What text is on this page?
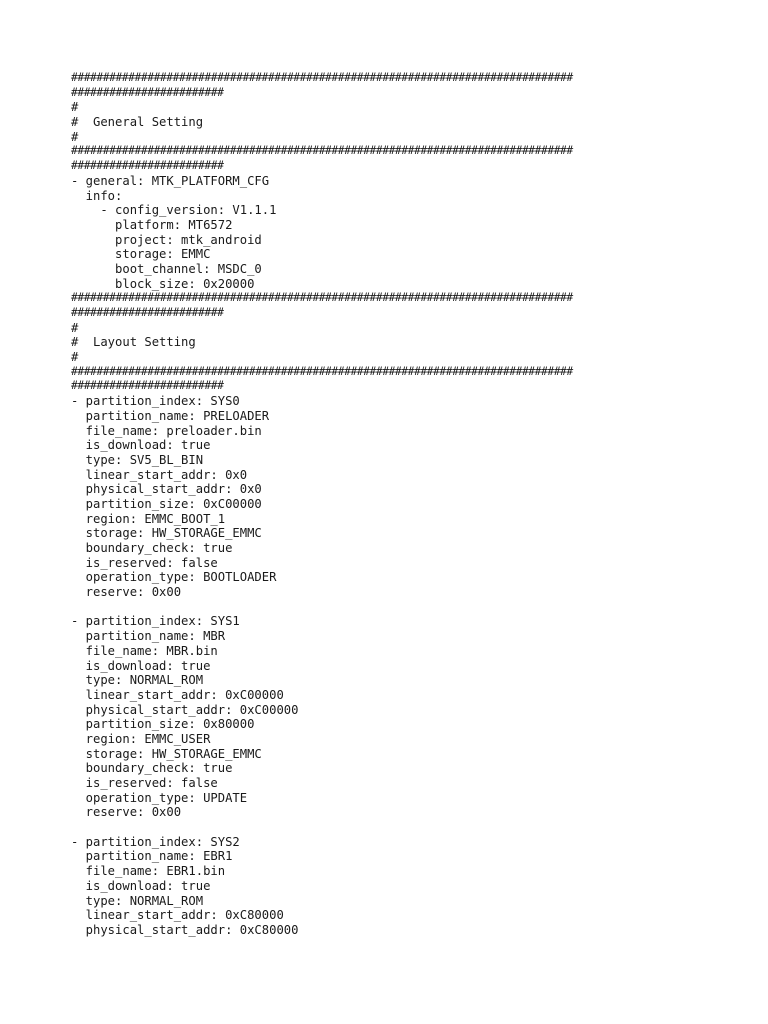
###############################################################################
########################
#
#  General Setting
#
###############################################################################
########################
- general: MTK_PLATFORM_CFG
info:
- config_version: V1.1.1
platform: MT6572
project: mtk_android
storage: EMMC
boot_channel: MSDC_0
block_size: 0x20000
###############################################################################
########################
#
#  Layout Setting
#
###############################################################################
########################
- partition_index: SYS0
partition_name: PRELOADER
file_name: preloader.bin
is_download: true
type: SV5_BL_BIN
linear_start_addr: 0x0
physical_start_addr: 0x0
partition_size: 0xC00000
region: EMMC_BOOT_1
storage: HW_STORAGE_EMMC
boundary_check: true
is_reserved: false
operation_type: BOOTLOADER
reserve: 0x00
- partition_index: SYS1
partition_name: MBR
file_name: MBR.bin
is_download: true
type: NORMAL_ROM
linear_start_addr: 0xC00000
physical_start_addr: 0xC00000
partition_size: 0x80000
region: EMMC_USER
storage: HW_STORAGE_EMMC
boundary_check: true
is_reserved: false
operation_type: UPDATE
reserve: 0x00
- partition_index: SYS2
partition_name: EBR1
file_name: EBR1.bin
is_download: true
type: NORMAL_ROM
linear_start_addr: 0xC80000
physical_start_addr: 0xC80000
